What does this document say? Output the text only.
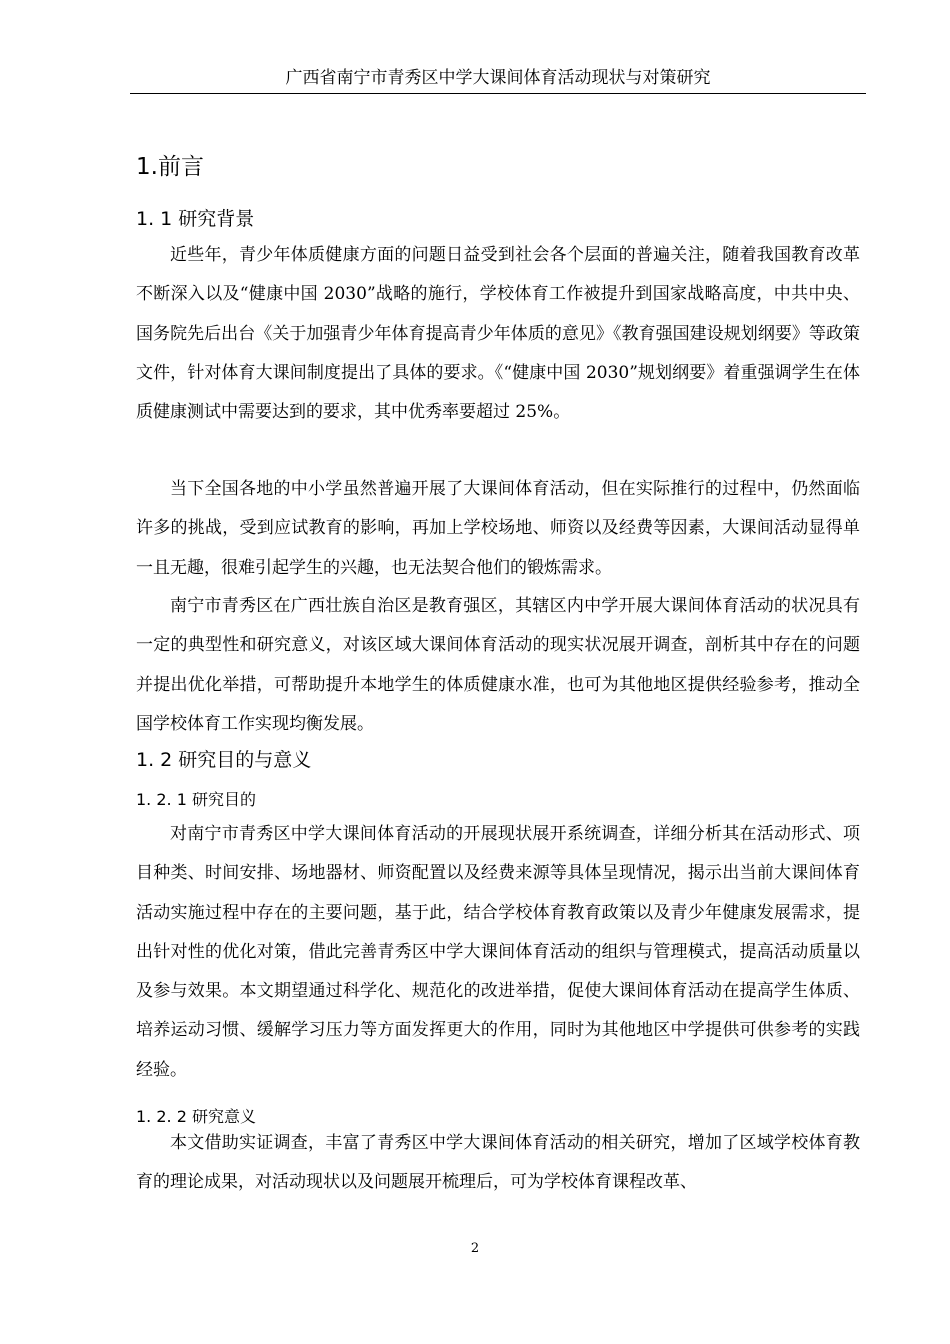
广西省南宁市青秀区中学大课间体育活动现状与对策研究
1.前言
1. 1 研究背景

近些年，青少年体质健康方面的问题日益受到社会各个层面的普遍关注，随着我国教育改革不断深入以及“健康中国 2030”战略的施行，学校体育工作被提升到国家战略高度，中共中央、国务院先后出台《关于加强青少年体育提高青少年体质的意见》《教育强国建设规划纲要》等政策文件，针对体育大课间制度提出了具体的要求。《“健康中国 2030”规划纲要》着重强调学生在体质健康测试中需要达到的要求，其中优秀率要超过 25%。

当下全国各地的中小学虽然普遍开展了大课间体育活动，但在实际推行的过程中，仍然面临许多的挑战，受到应试教育的影响，再加上学校场地、师资以及经费等因素，大课间活动显得单一且无趣，很难引起学生的兴趣，也无法契合他们的锻炼需求。

南宁市青秀区在广西壮族自治区是教育强区，其辖区内中学开展大课间体育活动的状况具有一定的典型性和研究意义，对该区域大课间体育活动的现实状况展开调查，剖析其中存在的问题并提出优化举措，可帮助提升本地学生的体质健康水准，也可为其他地区提供经验参考，推动全国学校体育工作实现均衡发展。

1. 2 研究目的与意义
1. 2. 1 研究目的

对南宁市青秀区中学大课间体育活动的开展现状展开系统调查，详细分析其在活动形式、项目种类、时间安排、场地器材、师资配置以及经费来源等具体呈现情况，揭示出当前大课间体育活动实施过程中存在的主要问题，基于此，结合学校体育教育政策以及青少年健康发展需求，提出针对性的优化对策，借此完善青秀区中学大课间体育活动的组织与管理模式，提高活动质量以及参与效果。本文期望通过科学化、规范化的改进举措，促使大课间体育活动在提高学生体质、培养运动习惯、缓解学习压力等方面发挥更大的作用，同时为其他地区中学提供可供参考的实践经验。

1. 2. 2 研究意义

本文借助实证调查，丰富了青秀区中学大课间体育活动的相关研究，增加了区域学校体育教育的理论成果，对活动现状以及问题展开梳理后，可为学校体育课程改革、

2
